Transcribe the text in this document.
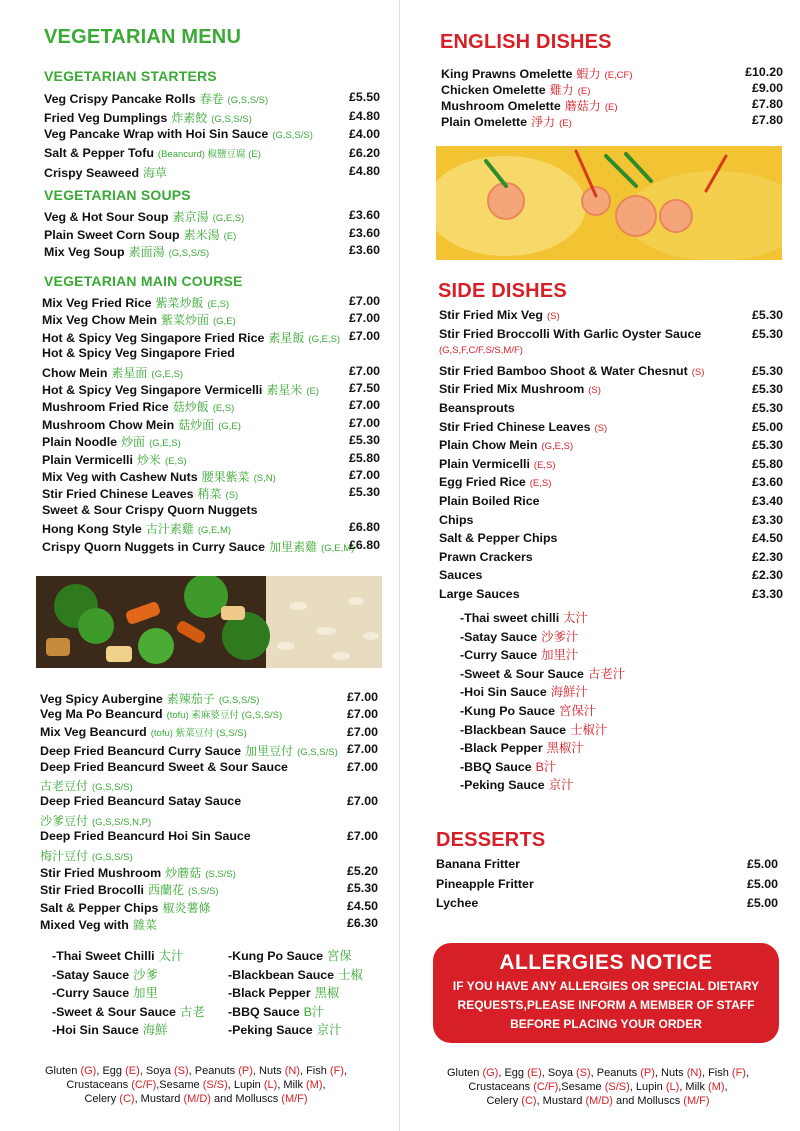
VEGETARIAN MENU
VEGETARIAN STARTERS
Veg Crispy Pancake Rolls 春卷 (G,S,S/S)	£5.50
Fried Veg Dumplings 炸素餃 (G,S,S/S)	£4.80
Veg Pancake Wrap with Hoi Sin Sauce (G,S,S/S)	£4.00
Salt & Pepper Tofu (Beancurd) 椒鹽豆腐 (E)	£6.20
Crispy Seaweed 海草	£4.80
VEGETARIAN SOUPS
Veg & Hot Sour Soup 素京湯 (G,E,S)	£3.60
Plain Sweet Corn Soup 素米湯 (E)	£3.60
Mix Veg Soup 素面湯 (G,S,S/S)	£3.60
VEGETARIAN MAIN COURSE
Mix Veg Fried Rice 紫菜炒飯 (E,S)	£7.00
Mix Veg Chow Mein 紫菜炒面 (G,E)	£7.00
Hot & Spicy Veg Singapore Fried Rice 素星飯 (G,E,S) £7.00
Hot & Spicy Veg Singapore Fried
Chow Mein 素星面 (G,E,S)	£7.00
Hot & Spicy Veg Singapore Vermicelli 素星米 (E)	£7.50
Mushroom Fried Rice 菇炒飯 (E,S)	£7.00
Mushroom Chow Mein 菇炒面 (G,E)	£7.00
Plain Noodle 炒面 (G,E,S)	£5.30
Plain Vermicelli 炒米 (E,S)	£5.80
Mix Veg with Cashew Nuts 腰果紫菜 (S,N)	£7.00
Stir Fried Chinese Leaves 稍菜 (S)	£5.30
Sweet & Sour Crispy Quorn Nuggets
Hong Kong Style 古汁素雞 (G,E,M)	£6.80
Crispy Quorn Nuggets in Curry Sauce 加里素雞 (G,E,M)
£6.80
Veg Spicy Aubergine 素辣茄子 (G,S,S/S)	£7.00
Veg Ma Po Beancurd (tofu) 素麻婆豆付 (G,S,S/S)	£7.00
Mix Veg Beancurd (tofu) 紫菜豆付 (S,S/S)	£7.00
Deep Fried Beancurd Curry Sauce 加里豆付 (G,S,S/S) £7.00
Deep Fried Beancurd Sweet & Sour Sauce	£7.00
古老豆付 (G,S,S/S)
Deep Fried Beancurd Satay Sauce	£7.00
沙爹豆付 (G,S,S/S,N,P)
Deep Fried Beancurd Hoi Sin Sauce	£7.00
梅汁豆付 (G,S,S/S)
Stir Fried Mushroom 炒蘑菇 (S,S/S)	£5.20
Stir Fried Brocolli 西蘭花 (S,S/S)	£5.30
Salt & Pepper Chips 椒炎薯條	£4.50
Mixed Veg with 雜菜	£6.30
-Thai Sweet Chilli 太汁
-Satay Sauce 沙爹
-Curry Sauce 加里
-Sweet & Sour Sauce 古老
-Hoi Sin Sauce 海鮮
-Kung Po Sauce 宮保
-Blackbean Sauce 士椒
-Black Pepper 黑椒
-BBQ Sauce B汁
-Peking Sauce 京汁
Gluten (G), Egg (E), Soya (S), Peanuts (P), Nuts (N), Fish (F),
Crustaceans (C/F),Sesame (S/S), Lupin (L), Milk (M),
Celery (C), Mustard (M/D) and Molluscs (M/F)
ENGLISH DISHES
King Prawns Omelette 蝦力 (E,CF)	£10.20
Chicken Omelette 雞力 (E)	£9.00
Mushroom Omelette 蘑菇力 (E)	£7.80
Plain Omelette 淨力 (E)	£7.80
SIDE DISHES
Stir Fried Mix Veg (S)	£5.30
Stir Fried Broccolli With Garlic Oyster Sauce	£5.30
(G,S,F,C/F,S/S,M/F)
Stir Fried Bamboo Shoot & Water Chesnut (S)	£5.30
Stir Fried Mix Mushroom (S)	£5.30
Beansprouts	£5.30
Stir Fried Chinese Leaves (S)	£5.00
Plain Chow Mein (G,E,S)	£5.30
Plain Vermicelli (E,S)	£5.80
Egg Fried Rice (E,S)	£3.60
Plain Boiled Rice	£3.40
Chips	£3.30
Salt & Pepper Chips	£4.50
Prawn Crackers	£2.30
Sauces	£2.30
Large Sauces	£3.30
-Thai sweet chilli 太汁
-Satay Sauce 沙爹汁
-Curry Sauce 加里汁
-Sweet & Sour Sauce 古老汁
-Hoi Sin Sauce 海鮮汁
-Kung Po Sauce 宮保汁
-Blackbean Sauce 士椒汁
-Black Pepper 黑椒汁
-BBQ Sauce B汁
-Peking Sauce 京汁
DESSERTS
Banana Fritter	£5.00
Pineapple Fritter	£5.00
Lychee	£5.00
Gluten (G), Egg (E), Soya (S), Peanuts (P), Nuts (N), Fish (F),
Crustaceans (C/F),Sesame (S/S), Lupin (L), Milk (M),
Celery (C), Mustard (M/D) and Molluscs (M/F)
ALLERGIES NOTICE
IF YOU HAVE ANY ALLERGIES OR SPECIAL DIETARY
REQUESTS,PLEASE INFORM A MEMBER OF STAFF
BEFORE PLACING YOUR ORDER
